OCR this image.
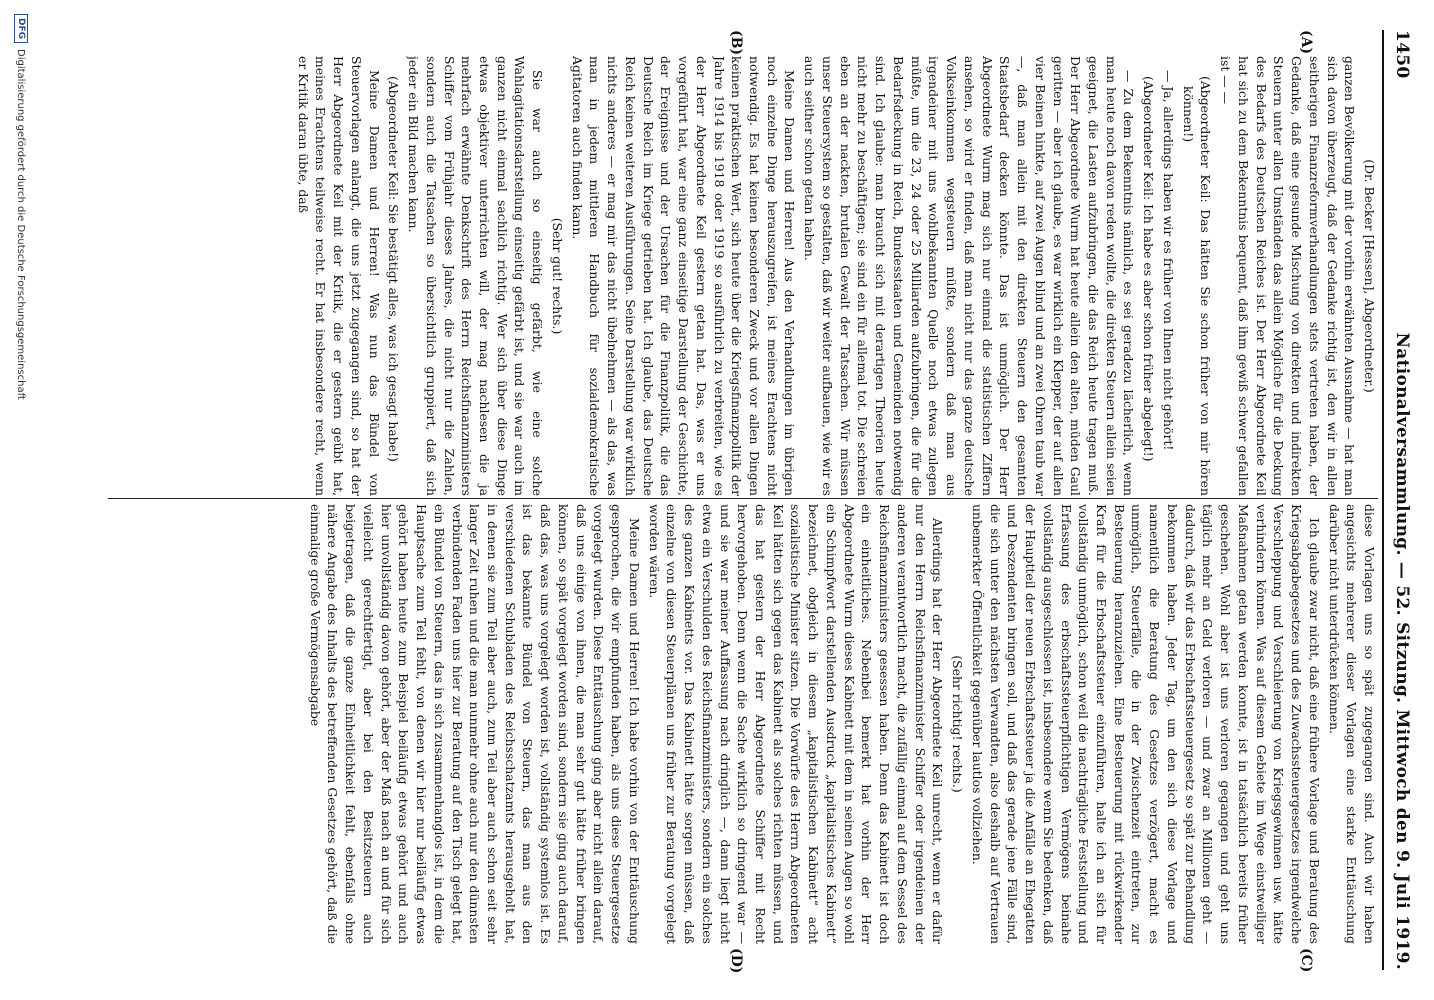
1450
Nationalversammlung. — 52. Sitzung. Mittwoch den 9. Juli 1919.
(A)
(B)
(C)
(D)

(Dr. Becker [Hessen], Abgeordneter.)

ganzen Bevölkerung mit der vorhin erwähnten Ausnahme — hat man sich davon überzeugt, daß der Gedanke richtig ist, den wir in allen seitherigen Finanzreformverhandlungen stets vertreten haben, der Gedanke, daß eine gesunde Mischung von direkten und indirekten Steuern unter allen Umständen das allein Mögliche für die Deckung des Bedarfs des Deutschen Reiches ist. Der Herr Abgeordnete Keil hat sich zu dem Bekenntnis bequemt, daß ihm gewiß schwer gefallen ist — —

(Abgeordneter Keil: Das hätten Sie schon früher von mir hören können!)

— Ja, allerdings haben wir es früher von Ihnen nicht gehört!

(Abgeordneter Keil: Ich habe es aber schon früher abgelegt!)

— Zu dem Bekenntnis nämlich, es sei geradezu lächerlich, wenn man heute noch davon reden wollte, die direkten Steuern allein seien geeignet, die Lasten aufzubringen, die das Reich heute tragen muß. Der Herr Abgeordnete Wurm hat heute allein den alten, müden Gaul geritten — aber ich glaube, es war wirklich ein Klepper, der auf allen vier Beinen hinkte, auf zwei Augen blind und an zwei Ohren taub war —, daß man allein mit den direkten Steuern den gesamten Staatsbedarf decken könnte. Das ist unmöglich. Der Herr Abgeordnete Wurm mag sich nur einmal die statistischen Ziffern ansehen, so wird er finden, daß man nicht nur das ganze deutsche Volkseinkommen wegsteuern müßte, sondern daß man aus irgendeiner mit uns wohlbekannten Quelle noch etwas zulegen müßte, um die 23, 24 oder 25 Milliarden aufzubringen, die für die Bedarfsdeckung in Reich, Bundesstaaten und Gemeinden notwendig sind. Ich glaube: man braucht sich mit derartigen Theorien heute nicht mehr zu beschäftigen; sie sind ein für allemal tot. Die schreien eben an der nackten, brutalen Gewalt der Tatsachen. Wir müssen unser Steuersystem so gestalten, daß wir weiter aufbauen, wie wir es auch seither schon getan haben.

Meine Damen und Herren! Aus den Verhandlungen im übrigen noch einzelne Dinge herauszugreifen, ist meines Erachtens nicht notwendig. Es hat keinen besonderen Zweck und vor allen Dingen keinen praktischen Wert, sich heute über die Kriegsfinanzpolitik der Jahre 1914 bis 1918 oder 1919 so ausführlich zu verbreiten, wie es der Herr Abgeordnete Keil gestern getan hat. Das, was er uns vorgeführt hat, war eine ganz einseitige Darstellung der Geschichte, der Ereignisse und der Ursachen für die Finanzpolitik, die das Deutsche Reich im Kriege getrieben hat. Ich glaube, das Deutsche Reich keinen weiteren Ausführungen. Seine Darstellung war wirklich nichts anderes — er mag mir das nicht übelnehmen — als das, was man in jedem mittleren Handbuch für sozialdemokratische Agitatoren auch finden kann.

(Sehr gut! rechts.)

Sie war auch so einseitig gefärbt, wie eine solche Wahlagitationsdarstellung einseitig gefärbt ist, und sie war auch im ganzen nicht einmal sachlich richtig. Wer sich über diese Dinge etwas objektiver unterrichten will, der mag nachlesen die ja mehrfach erwähnte Denkschrift des Herrn Reichsfinanzministers Schiffer vom Frühjahr dieses Jahres, die nicht nur die Zahlen, sondern auch die Tatsachen so übersichtlich gruppiert, daß sich jeder ein Bild machen kann.

(Abgeordneter Keil: Sie bestätigt alles, was ich gesagt habe!)

Meine Damen und Herren! Was nun das Bündel von Steuervorlagen anlangt, die uns jetzt zugegangen sind, so hat der Herr Abgeordnete Keil mit der Kritik, die er gestern geübt hat, meines Erachtens teilweise recht. Er hat insbesondere recht, wenn er Kritik daran übte, daß

diese Vorlagen uns so spät zugegangen sind. Auch wir haben angesichts mehrerer dieser Vorlagen eine starke Enttäuschung darüber nicht unterdrücken können.

Ich glaube zwar nicht, daß eine frühere Vorlage und Beratung des Kriegsabgabegesetzes und des Zuwachssteuergesetzes irgendwelche Verschleppung und Verschleierung von Kriegsgewinnen usw. hätte verhindern können. Was auf diesem Gebiete im Wege einstweiliger Maßnahmen getan werden konnte, ist in tatsächlich bereits früher geschehen. Wohl aber ist uns verloren gegangen und geht uns täglich mehr an Geld verloren — und zwar an Millionen geht — dadurch, daß wir das Erbschaftssteuergesetz so spät zur Behandlung bekommen haben. Jeder Tag, um den sich diese Vorlage und namentlich die Beratung des Gesetzes verzögert, macht es unmöglich, Steuerfälle, die in der Zwischenzeit eintreten, zur Besteuerung heranzuziehen. Eine Besteuerung mit rückwirkender Kraft für die Erbschaftssteuer einzuführen, halte ich an sich für vollständig unmöglich, schon weil die nachträgliche Feststellung und Erfassung des erbschaftssteuerpflichtigen Vermögens beinahe vollständig ausgeschlossen ist, insbesondere wenn Sie bedenken, daß der Hauptteil der neuen Erbschaftssteuer ja die Anfälle an Ehegatten und Deszendenten bringen soll, und daß das gerade jene Fälle sind, die sich unter den nächsten Verwandten, also deshalb auf Vertrauen unbemerkter Öffentlichkeit gegenüber lautlos vollziehen.

(Sehr richtig! rechts.)

Allerdings hat der Herr Abgeordnete Keil unrecht, wenn er dafür nur den Herrn Reichsfinanzminister Schiffer oder irgendeinen der anderen verantwortlich macht, die zufällig einmal auf dem Sessel des Reichsfinanzministers gesessen haben. Denn das Kabinett ist doch ein einheitliches. Nebenbei bemerkt hat vorhin der Herr Abgeordnete Wurm dieses Kabinett mit dem in seinen Augen so wohl ein Schimpfwort darstellenden Ausdruck „kapitalistisches Kabinett“ bezeichnet, obgleich in diesem „kapitalistischen Kabinett“ acht sozialistische Minister sitzen. Die Vorwürfe des Herrn Abgeordneten Keil hätten sich gegen das Kabinett als solches richten müssen, und das hat gestern der Herr Abgeordnete Schiffer mit Recht hervorgehoben. Denn wenn die Sache wirklich so dringend war — und sie war meiner Auffassung nach dringlich —, dann liegt nicht etwa ein Verschulden des Reichsfinanzministers, sondern ein solches des ganzen Kabinetts vor. Das Kabinett hätte sorgen müssen, daß einzelne von diesen Steuerplänen uns früher zur Beratung vorgelegt worden wären.

Meine Damen und Herren! Ich habe vorhin von der Enttäuschung gesprochen, die wir empfunden haben, als uns diese Steuergesetze vorgelegt wurden. Diese Enttäuschung ging aber nicht allein darauf, daß uns einige von ihnen, die man sehr gut hätte früher bringen können, so spät vorgelegt worden sind, sondern sie ging auch darauf, daß das, was uns vorgelegt worden ist, vollständig systemlos ist. Es ist das bekannte Bündel von Steuern, das man aus den verschiedenen Schubladen des Reichsschatzamts herausgeholt hat, in denen sie zum Teil aber auch, zum Teil aber auch schon seit sehr langer Zeit ruhen und die man nunmehr ohne auch nur den dünnsten verbindenden Faden uns hier zur Beratung auf den Tisch gelegt hat, ein Bündel von Steuern, das in sich zusammenhanglos ist, in dem die Hauptsache zum Teil fehlt, von denen wir hier nur beiläufig etwas gehört haben heute zum Beispiel beiläufig etwas gehört und auch hier unvollständig davon gehört, aber der Maß nach an und für sich vielleicht gerechtfertigt, aber bei den Besitzsteuern auch beigetragen, daß die ganze Einheitlichkeit fehlt, ebenfalls ohne nähere Angabe des Inhalts des betreffenden Gesetzes gehört, daß die einmalige große Vermögensabgabe

DFG
Digitalisierung gefördert durch die Deutsche Forschungsgemeinschaft
